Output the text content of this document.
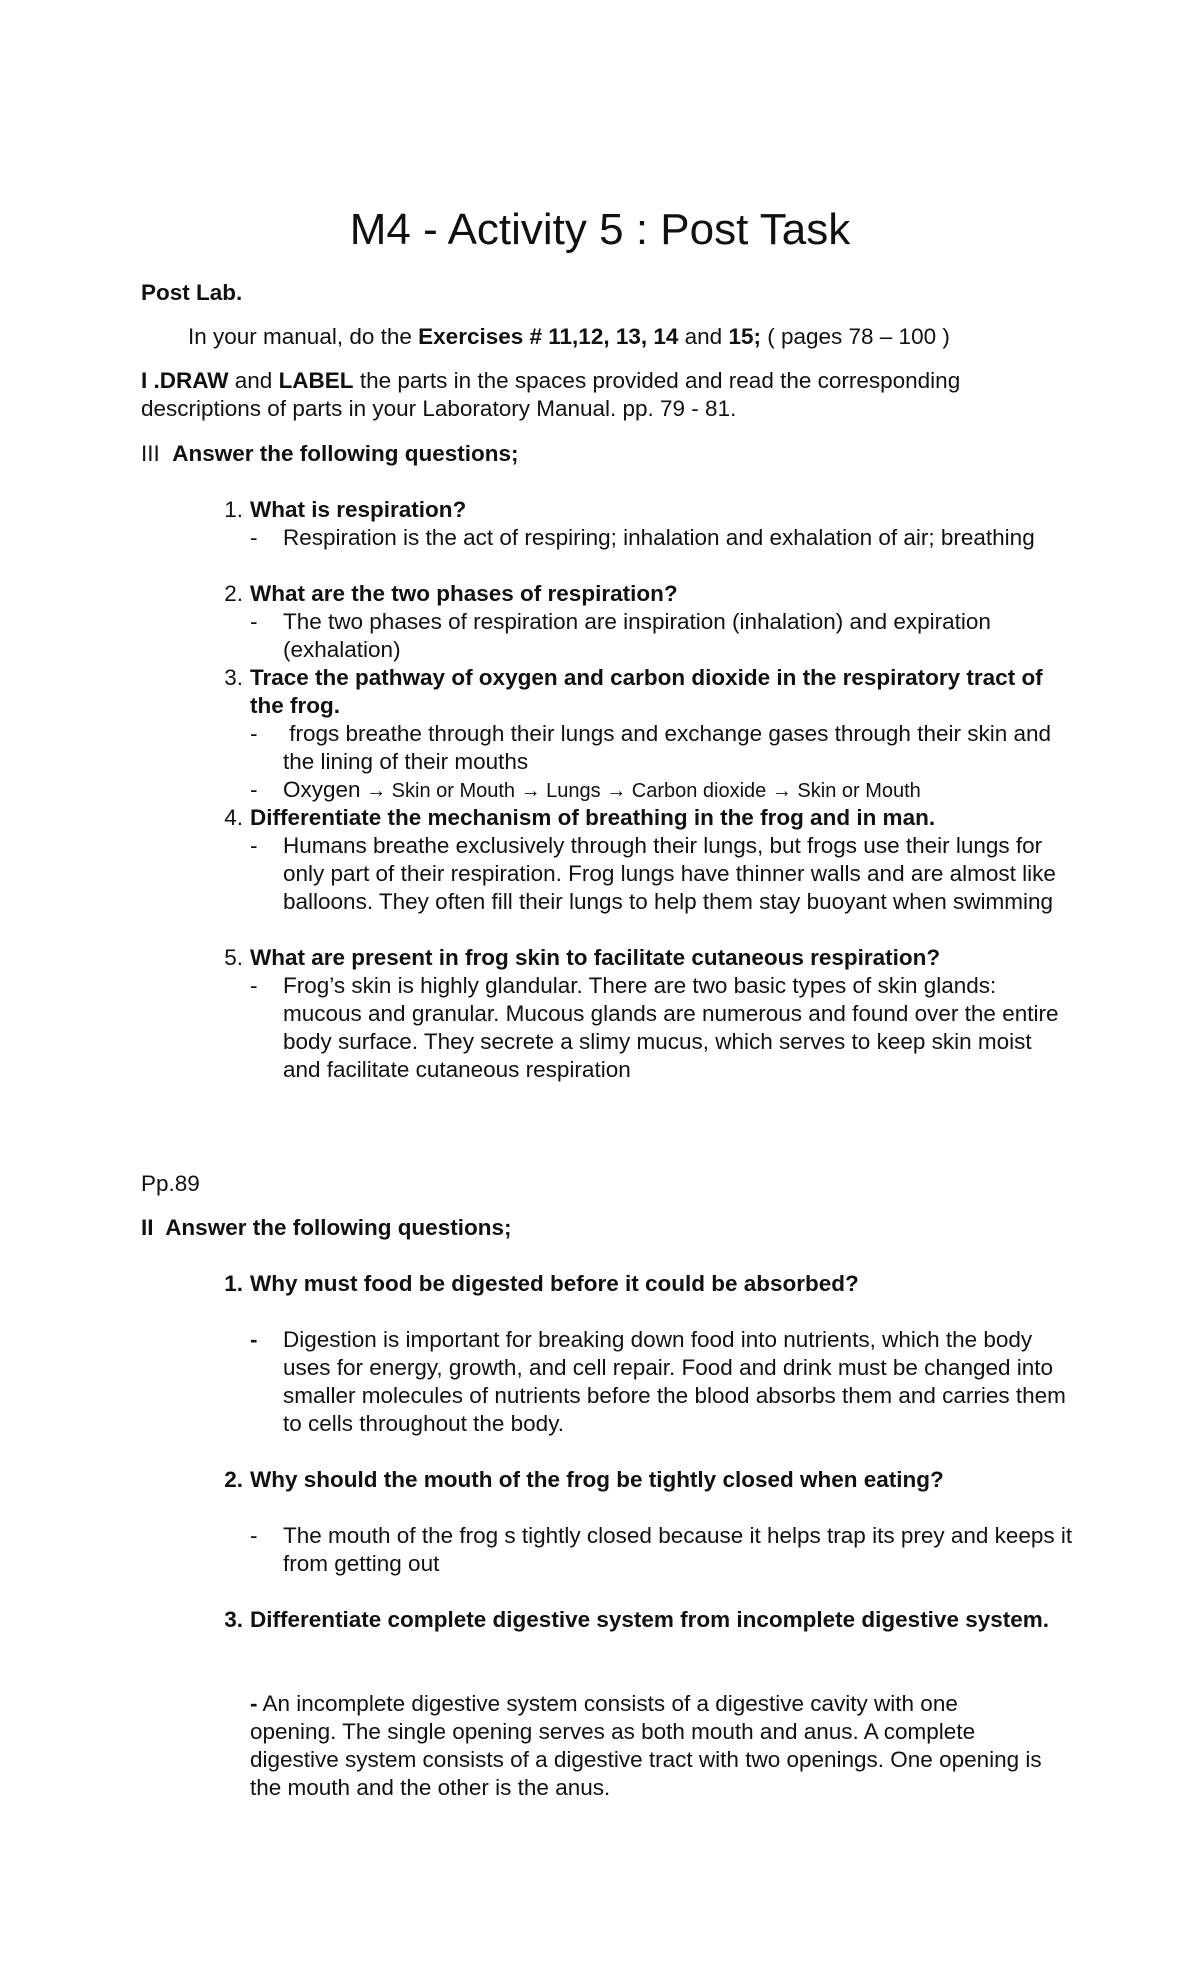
M4 - Activity 5 : Post Task

Post Lab.

In your manual, do the Exercises # 11,12, 13, 14 and 15; ( pages 78 – 100 )

I .DRAW and LABEL the parts in the spaces provided and read the corresponding

descriptions of parts in your Laboratory Manual. pp. 79 - 81.

III Answer the following questions;

1. What is respiration?

- Respiration is the act of respiring; inhalation and exhalation of air; breathing

2. What are the two phases of respiration?

- The two phases of respiration are inspiration (inhalation) and expiration (exhalation)

3. Trace the pathway of oxygen and carbon dioxide in the respiratory tract of the frog.

- frogs breathe through their lungs and exchange gases through their skin and the lining of their mouths

- Oxygen → Skin or Mouth → Lungs → Carbon dioxide → Skin or Mouth

4. Differentiate the mechanism of breathing in the frog and in man.

- Humans breathe exclusively through their lungs, but frogs use their lungs for only part of their respiration. Frog lungs have thinner walls and are almost like balloons. They often fill their lungs to help them stay buoyant when swimming

5. What are present in frog skin to facilitate cutaneous respiration?

- Frog’s skin is highly glandular. There are two basic types of skin glands: mucous and granular. Mucous glands are numerous and found over the entire body surface. They secrete a slimy mucus, which serves to keep skin moist and facilitate cutaneous respiration

Pp.89

II Answer the following questions;

1. Why must food be digested before it could be absorbed?

- Digestion is important for breaking down food into nutrients, which the body uses for energy, growth, and cell repair. Food and drink must be changed into smaller molecules of nutrients before the blood absorbs them and carries them to cells throughout the body.

2. Why should the mouth of the frog be tightly closed when eating?

- The mouth of the frog s tightly closed because it helps trap its prey and keeps it from getting out

3. Differentiate complete digestive system from incomplete digestive system.

- An incomplete digestive system consists of a digestive cavity with one opening. The single opening serves as both mouth and anus. A complete digestive system consists of a digestive tract with two openings. One opening is the mouth and the other is the anus.
